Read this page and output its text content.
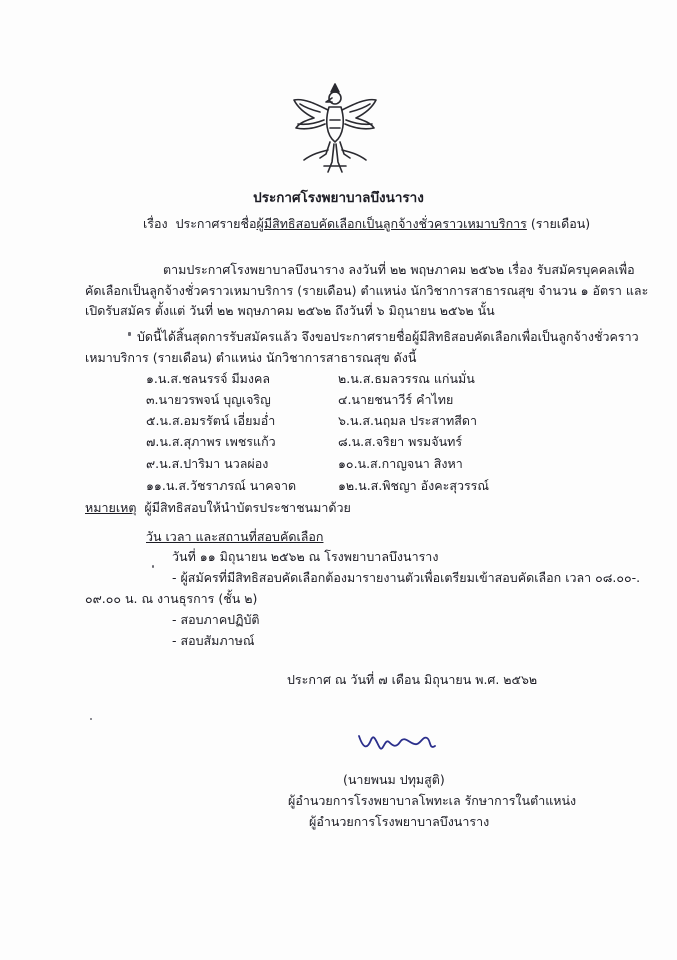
ประกาศโรงพยาบาลบึงนาราง
เรื่อง ประกาศรายชื่อผู้มีสิทธิสอบคัดเลือกเป็นลูกจ้างชั่วคราวเหมาบริการ (รายเดือน)
ตามประกาศโรงพยาบาลบึงนาราง ลงวันที่ ๒๒ พฤษภาคม ๒๕๖๒ เรื่อง รับสมัครบุคคลเพื่อ
คัดเลือกเป็นลูกจ้างชั่วคราวเหมาบริการ (รายเดือน) ตำแหน่ง นักวิชาการสาธารณสุข จำนวน ๑ อัตรา และ
เปิดรับสมัคร ตั้งแต่ วันที่ ๒๒ พฤษภาคม ๒๕๖๒ ถึงวันที่ ๖ มิถุนายน ๒๕๖๒ นั้น
บัดนี้ได้สิ้นสุดการรับสมัครแล้ว จึงขอประกาศรายชื่อผู้มีสิทธิสอบคัดเลือกเพื่อเป็นลูกจ้างชั่วคราว
เหมาบริการ (รายเดือน) ตำแหน่ง นักวิชาการสาธารณสุข ดังนี้
๑.น.ส.ชลนรรจ์ มีมงคล	๒.น.ส.ธมลวรรณ แก่นมั่น
๓.นายวรพจน์ บุญเจริญ	๔.นายชนาวีร์ คำไทย
๕.น.ส.อมรรัตน์ เอี่ยมอ่ำ	๖.น.ส.นฤมล ประสาทสีดา
๗.น.ส.สุภาพร เพชรแก้ว	๘.น.ส.จริยา พรมจันทร์
๙.น.ส.ปาริมา นวลผ่อง	๑๐.น.ส.กาญจนา สิงหา
๑๑.น.ส.วัชราภรณ์ นาคจาด	๑๒.น.ส.พิชญา อังคะสุวรรณ์
หมายเหตุ ผู้มีสิทธิสอบให้นำบัตรประชาชนมาด้วย
วัน เวลา และสถานที่สอบคัดเลือก
วันที่ ๑๑ มิถุนายน ๒๕๖๒ ณ โรงพยาบาลบึงนาราง
- ผู้สมัครที่มีสิทธิสอบคัดเลือกต้องมารายงานตัวเพื่อเตรียมเข้าสอบคัดเลือก เวลา ๐๘.๐๐-.
๐๙.๐๐ น. ณ งานธุรการ (ชั้น ๒)
- สอบภาคปฏิบัติ
- สอบสัมภาษณ์
ประกาศ ณ วันที่ ๗ เดือน มิถุนายน พ.ศ. ๒๕๖๒
(นายพนม ปทุมสูติ)
ผู้อำนวยการโรงพยาบาลโพทะเล รักษาการในตำแหน่ง
ผู้อำนวยการโรงพยาบาลบึงนาราง
